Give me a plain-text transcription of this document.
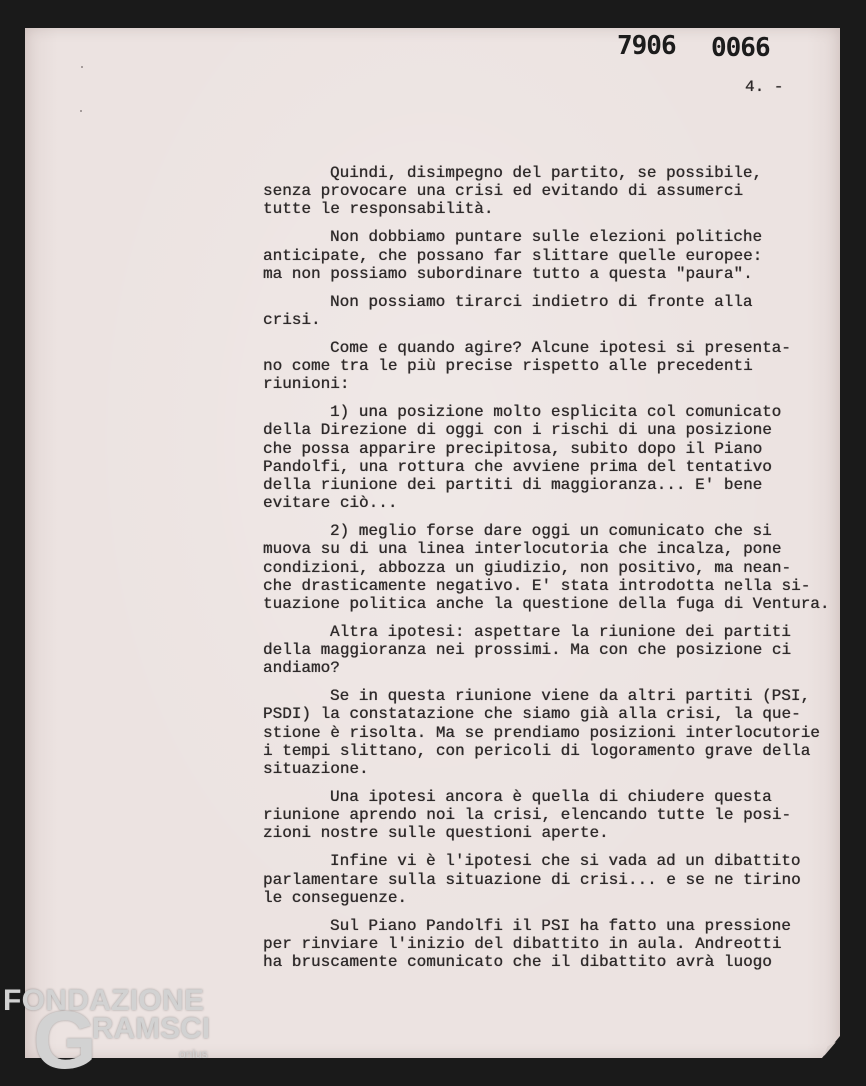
7906 0066
4. -
Quindi, disimpegno del partito, se possibile,
senza provocare una crisi ed evitando di assumerci
tutte le responsabilità.
Non dobbiamo puntare sulle elezioni politiche
anticipate, che possano far slittare quelle europee:
ma non possiamo subordinare tutto a questa "paura".
Non possiamo tirarci indietro di fronte alla
crisi.
Come e quando agire? Alcune ipotesi si presenta-
no come tra le più precise rispetto alle precedenti
riunioni:
1) una posizione molto esplicita col comunicato
della Direzione di oggi con i rischi di una posizione
che possa apparire precipitosa, subito dopo il Piano
Pandolfi, una rottura che avviene prima del tentativo
della riunione dei partiti di maggioranza... E' bene
evitare ciò...
2) meglio forse dare oggi un comunicato che si
muova su di una linea interlocutoria che incalza, pone
condizioni, abbozza un giudizio, non positivo, ma nean-
che drasticamente negativo. E' stata introdotta nella si-
tuazione politica anche la questione della fuga di Ventura.
Altra ipotesi: aspettare la riunione dei partiti
della maggioranza nei prossimi. Ma con che posizione ci
andiamo?
Se in questa riunione viene da altri partiti (PSI,
PSDI) la constatazione che siamo già alla crisi, la que-
stione è risolta. Ma se prendiamo posizioni interlocutorie
i tempi slittano, con pericoli di logoramento grave della
situazione.
Una ipotesi ancora è quella di chiudere questa
riunione aprendo noi la crisi, elencando tutte le posi-
zioni nostre sulle questioni aperte.
Infine vi è l'ipotesi che si vada ad un dibattito
parlamentare sulla situazione di crisi... e se ne tirino
le conseguenze.
Sul Piano Pandolfi il PSI ha fatto una pressione
per rinviare l'inizio del dibattito in aula. Andreotti
ha bruscamente comunicato che il dibattito avrà luogo
FONDAZIONE
GRAMSCI
onlus
